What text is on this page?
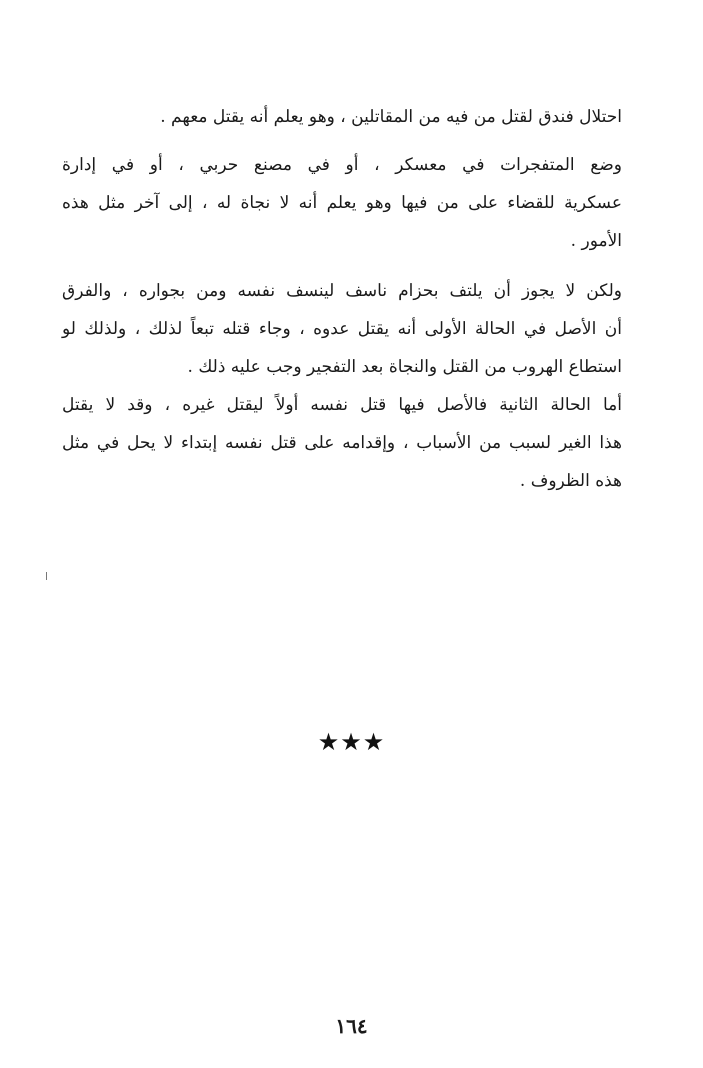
احتلال فندق لقتل من فيه من المقاتلين ، وهو يعلم أنه يقتل معهم .
وضع المتفجرات في معسكر ، أو في مصنع حربي ، أو في إدارة
عسكرية للقضاء على من فيها وهو يعلم أنه لا نجاة له ، إلى آخر مثل هذه
الأمور .
ولكن لا يجوز أن يلتف بحزام ناسف لينسف نفسه ومن بجواره ، والفرق
أن الأصل في الحالة الأولى أنه يقتل عدوه ، وجاء قتله تبعاً لذلك ، ولذلك لو
استطاع الهروب من القتل والنجاة بعد التفجير وجب عليه ذلك .
أما الحالة الثانية فالأصل فيها قتل نفسه أولاً ليقتل غيره ، وقد لا يقتل
هذا الغير لسبب من الأسباب ، وإقدامه على قتل نفسه إبتداء لا يحل في مثل
هذه الظروف .
★★★
١٦٤
